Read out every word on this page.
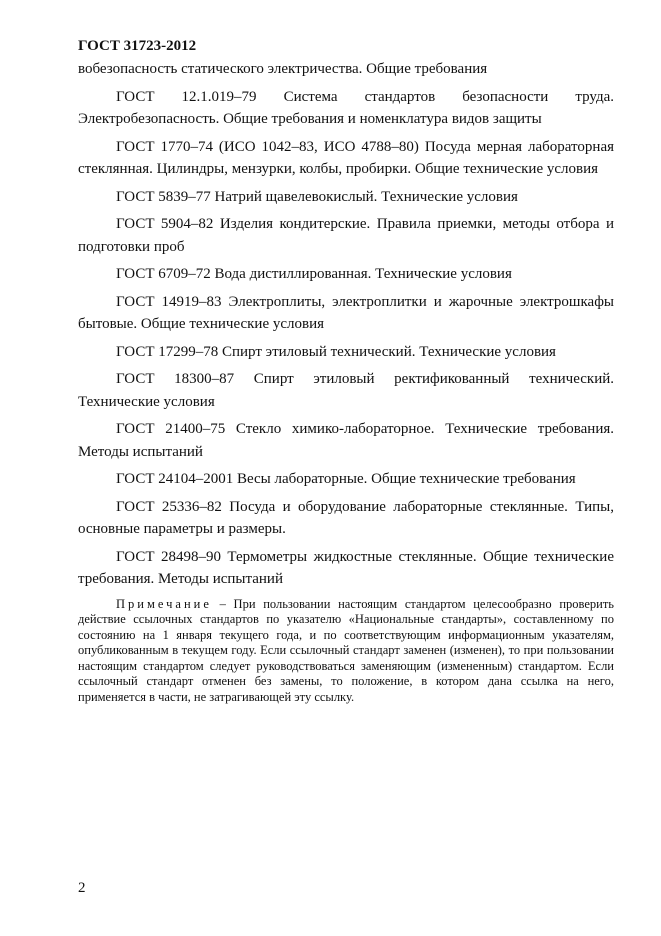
ГОСТ 31723-2012

вобезопасность статического электричества. Общие требования

ГОСТ 12.1.019–79 Система стандартов безопасности труда. Электробезопасность. Общие требования и номенклатура видов защиты

ГОСТ 1770–74 (ИСО 1042–83, ИСО 4788–80) Посуда мерная лабораторная стеклянная. Цилиндры, мензурки, колбы, пробирки. Общие технические условия

ГОСТ 5839–77 Натрий щавелевокислый. Технические условия

ГОСТ 5904–82 Изделия кондитерские. Правила приемки, методы отбора и подготовки проб

ГОСТ 6709–72 Вода дистиллированная. Технические условия

ГОСТ 14919–83 Электроплиты, электроплитки и жарочные электрошкафы бытовые. Общие технические условия

ГОСТ 17299–78 Спирт этиловый технический. Технические условия

ГОСТ 18300–87 Спирт этиловый ректификованный технический. Технические условия

ГОСТ 21400–75 Стекло химико-лабораторное. Технические требования. Методы испытаний

ГОСТ 24104–2001 Весы лабораторные. Общие технические требования

ГОСТ 25336–82 Посуда и оборудование лабораторные стеклянные. Типы, основные параметры и размеры.

ГОСТ 28498–90 Термометры жидкостные стеклянные. Общие технические требования. Методы испытаний

Примечание – При пользовании настоящим стандартом целесообразно проверить действие ссылочных стандартов по указателю «Национальные стандарты», составленному по состоянию на 1 января текущего года, и по соответствующим информационным указателям, опубликованным в текущем году. Если ссылочный стандарт заменен (изменен), то при пользовании настоящим стандартом следует руководствоваться заменяющим (измененным) стандартом. Если ссылочный стандарт отменен без замены, то положение, в котором дана ссылка на него, применяется в части, не затрагивающей эту ссылку.
2
